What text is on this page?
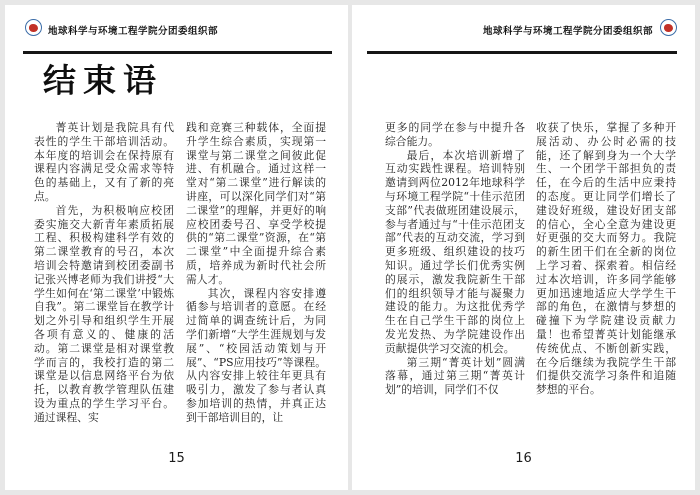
地球科学与环境工程学院分团委组织部
结束语

菁英计划是我院具有代表性的学生干部培训活动。本年度的培训会在保持原有课程内容满足受众需求等特色的基础上，又有了新的亮点。

首先，为积极响应校团委实施交大新青年素质拓展工程、积极构建科学有效的第二课堂教育的号召，本次培训会特邀请到校团委副书记张兴博老师为我们讲授“大学生如何在‘第二课堂’中锻炼自我”。第二课堂旨在教学计划之外引导和组织学生开展各项有意义的、健康的活动。第二课堂是相对课堂教学而言的，我校打造的第二课堂是以信息网络平台为依托，以教育教学管理队伍建设为重点的学生学习平台。通过课程、实

践和竞赛三种载体，全面提升学生综合素质，实现第一课堂与第二课堂之间彼此促进、有机融合。通过这样一堂对“第二课堂”进行解读的讲座，可以深化同学们对“第二课堂”的理解，并更好的响应校团委号召、享受学校提供的“第二课堂”资源，在“第二课堂”中全面提升综合素质，培养成为新时代社会所需人才。

其次，课程内容安排遵循参与培训者的意愿。在经过简单的调查统计后，为同学们新增“大学生涯规划与发展”、“校园活动策划与开展”、“PS应用技巧”等课程。从内容安排上较往年更具有吸引力，激发了参与者认真参加培训的热情，并真正达到干部培训目的，让

15
地球科学与环境工程学院分团委组织部

更多的同学在参与中提升各综合能力。

最后，本次培训新增了互动实践性课程。培训特别邀请到两位2012年地球科学与环境工程学院“十佳示范团支部”代表做班团建设展示，参与者通过与“十佳示范团支部”代表的互动交流，学习到更多班级、组织建设的技巧知识。通过学长们优秀实例的展示，激发我院新生干部们的组织领导才能与凝聚力建设的能力。为这批优秀学生在自己学生干部的岗位上发光发热、为学院建设作出贡献提供学习交流的机会。

第三期“菁英计划”圆满落幕，通过第三期“菁英计划”的培训，同学们不仅

收获了快乐，掌握了多种开展活动、办公时必需的技能，还了解到身为一个大学生、一个团学干部担负的责任，在今后的生活中应秉持的态度。更让同学们增长了建设好班级，建设好团支部的信心，全心全意为建设更好更强的交大而努力。我院的新生团干们在全新的岗位上学习着、探索着。相信经过本次培训，许多同学能够更加迅速地适应大学学生干部的角色，在激情与梦想的碰撞下为学院建设贡献力量！也希望菁英计划能继承传统优点、不断创新实践，在今后继续为我院学生干部们提供交流学习条件和追随梦想的平台。

16
